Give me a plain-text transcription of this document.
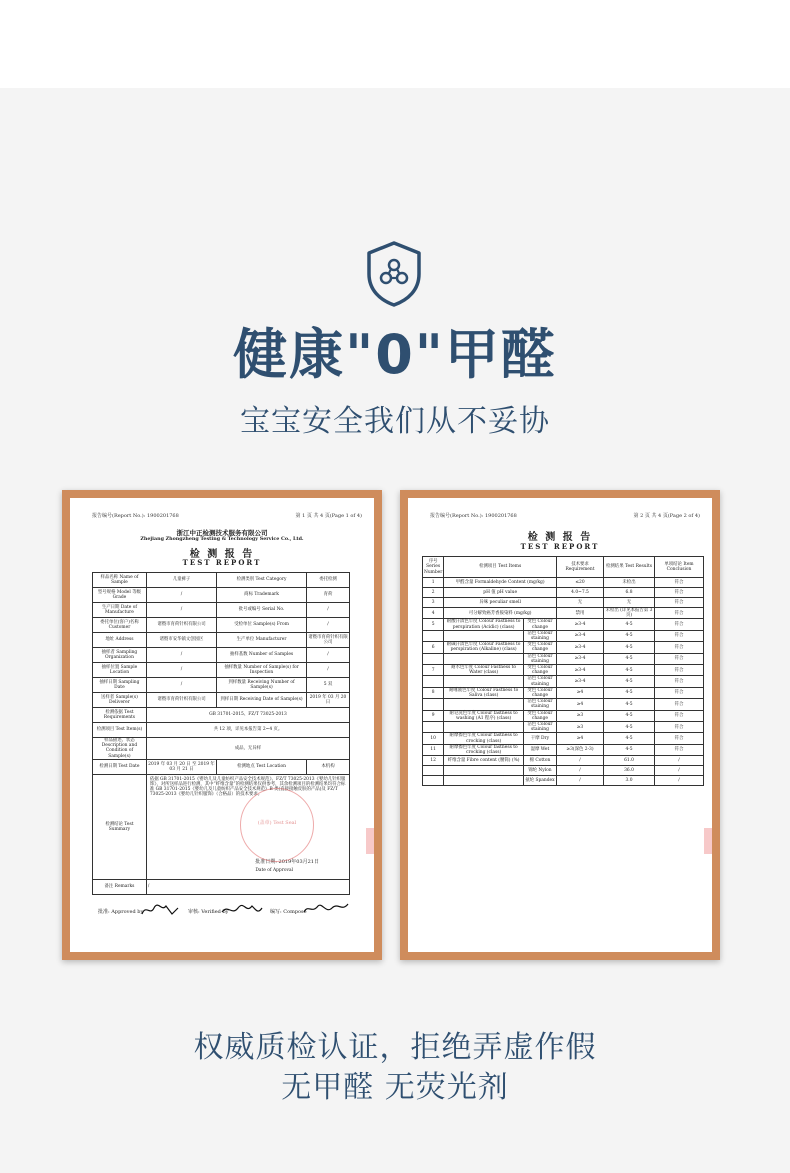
健康"0"甲醛
宝宝安全我们从不妥协
报告编号(Report No.): 1900201768	第 1 页 共 4 页(Page 1 of 4)
浙江中正检测技术服务有限公司
Zhejiang Zhongzheng Testing & Technology Service Co., Ltd.
检 测 报 告
TEST REPORT
样品名称 Name of Sample	儿童裤子	检测类别 Test Category	委托检测
型号规格 Model 等级 Grade	/	商标 Trademark	育荷
生产日期 Date of Manufacture	/	批号或编号 Serial No.	/
委托单位(客户)名称 Customer	诸暨市育荷针织有限公司	受检单位 Sample(s) From	/
地址 Address	诸暨市安华镇文创园区	生产单位 Manufacturer	诸暨市育荷针织有限公司
抽样者 Sampling Organization	/	抽样基数 Number of Samples	/
抽样位置 Sample Location	/	抽样数量 Number of Sample(s) for Inspection	/
抽样日期 Sampling Date	/	到样数量 Receiving Number of Sample(s)	5 双
送样者 Sample(s) Deliverer	诸暨市育荷针织有限公司	到样日期 Receiving Date of Sample(s)	2019 年 03 月 20 日
检测依据 Test Requirements	GB 31701-2015、FZ/T 73025-2013		
检测项目 Test Item(s)	共 12 项，详见本报告第 2~4 页。		
样品描述、状态 Description and Condition of Sample(s)	成品，无异样		
检测日期 Test Date	2019 年 03 月 20 日 至 2019 年 03 月 21 日	检测地点 Test Location	本机构
检测结论 Test Summary	依据 GB 31701-2015《婴幼儿及儿童纺织产品安全技术规范》、FZ/T 73025-2013《婴幼儿针织服饰》，对所送样品进行检测，其中“纤维含量”的检测结果仅供参考，其余检测项目的检测结果均符合标准 GB 31701-2015《婴幼儿及儿童纺织产品安全技术规范》B 类(直接接触皮肤的产品)及 FZ/T 73025-2013《婴幼儿针织服饰》（合格品）的技术要求。
批准日期: 2019年03月21日
Date of Approval		

备注 Remarks	/		
(盖章) Test Seal
批准: Approved by	审核: Verified by	编写: Compose
报告编号(Report No.): 1900201768	第 2 页 共 4 页(Page 2 of 4)
检 测 报 告
TEST REPORT
序号 Series Number	检测项目 Test Items		技术要求 Requirement	检测结果 Test Results	单项结论 Item Conclusion
1	甲醛含量 Formaldehyde Content (mg/kg)		≤20	未检出	符合
2	pH 值 pH value		4.0~7.5	6.8	符合
3	异味 peculiar smell		无	无	符合
4	可分解致癌芳香胺染料 (mg/kg)		禁用	未检出 (详见本报告第 3 页)	符合
5	耐酸汗渍色牢度 Colour Fastness to perspiration (Acidic) (class)	变色 Colour change	≥3-4	4-5	符合
		沾色 Colour staining	≥3-4	4-5	符合
6	耐碱汗渍色牢度 Colour Fastness to perspiration (Alkaline) (class)	变色 Colour change	≥3-4	4-5	符合
		沾色 Colour staining	≥3-4	4-5	符合
7	耐水色牢度 Colour Fastness to Water (class)	变色 Colour change	≥3-4	4-5	符合
		沾色 Colour staining	≥3-4	4-5	符合
8	耐唾液色牢度 Colour Fastness to Saliva (class)	变色 Colour change	≥4	4-5	符合
		沾色 Colour staining	≥4	4-5	符合
9	耐皂洗色牢度 Colour fastness to washing (A1 程序) (class)	变色 Colour change	≥3	4-5	符合
		沾色 Colour staining	≥3	4-5	符合
10	耐摩擦色牢度 Colour fastness to crocking (class)	干摩 Dry	≥4	4-5	符合
11	耐摩擦色牢度 Colour fastness to crocking (class)	湿摩 Wet	≥3(深色 2-3)	4-5	符合
12	纤维含量 Fibre content (腰筒) (%)	棉 Cotton	/	61.0	/
		锦纶 Nylon	/	36.0	/
		氨纶 Spandex	/	3.0	/
权威质检认证，拒绝弄虚作假
无甲醛 无荧光剂
